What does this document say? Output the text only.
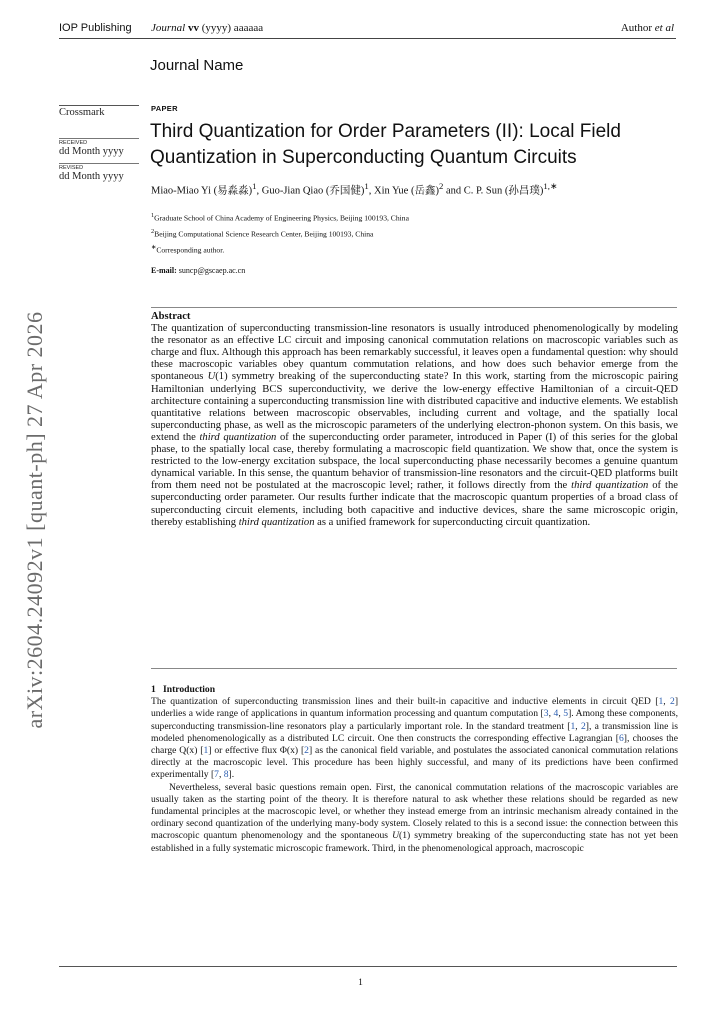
IOP Publishing Journal vv (yyyy) aaaaaa	Author et al
arXiv:2604.24092v1 [quant-ph] 27 Apr 2026
Journal Name
Crossmark
RECEIVED
dd Month yyyy
REVISED
dd Month yyyy
PAPER
Third Quantization for Order Parameters (II): Local Field Quantization in Superconducting Quantum Circuits
Miao-Miao Yi (易淼淼)$^1$, Guo-Jian Qiao (乔国健)$^1$, Xin Yue (岳鑫)$^2$ and C. P. Sun (孙昌璞)$^{1,∗}$
$^1$Graduate School of China Academy of Engineering Physics, Beijing 100193, China
$^2$Beijing Computational Science Research Center, Beijing 100193, China
∗Corresponding author.
E-mail: suncp@gscaep.ac.cn
Abstract
The quantization of superconducting transmission-line resonators is usually introduced phenomenologically by modeling the resonator as an effective LC circuit and imposing canonical commutation relations on macroscopic variables such as charge and flux. Although this approach has been remarkably successful, it leaves open a fundamental question: why should these macroscopic variables obey quantum commutation relations, and how does such behavior emerge from the spontaneous U(1) symmetry breaking of the superconducting state? In this work, starting from the microscopic pairing Hamiltonian underlying BCS superconductivity, we derive the low-energy effective Hamiltonian of a circuit-QED architecture containing a superconducting transmission line with distributed capacitive and inductive elements. We establish quantitative relations between macroscopic observables, including current and voltage, and the spatially local superconducting phase, as well as the microscopic parameters of the underlying electron-phonon system. On this basis, we extend the third quantization of the superconducting order parameter, introduced in Paper (I) of this series for the global phase, to the spatially local case, thereby formulating a macroscopic field quantization. We show that, once the system is restricted to the low-energy excitation subspace, the local superconducting phase necessarily becomes a genuine quantum dynamical variable. In this sense, the quantum behavior of transmission-line resonators and the circuit-QED platforms built from them need not be postulated at the macroscopic level; rather, it follows directly from the third quantization of the superconducting order parameter. Our results further indicate that the macroscopic quantum properties of a broad class of superconducting circuit elements, including both capacitive and inductive devices, share the same microscopic origin, thereby establishing third quantization as a unified framework for superconducting circuit quantization.
1 Introduction

The quantization of superconducting transmission lines and their built-in capacitive and inductive elements in circuit QED [1, 2] underlies a wide range of applications in quantum information processing and quantum computation [3, 4, 5]. Among these components, superconducting transmission-line resonators play a particularly important role. In the standard treatment [1, 2], a transmission line is modeled phenomenologically as a distributed LC circuit. One then constructs the corresponding effective Lagrangian [6], chooses the charge Q(x) [1] or effective flux Φ(x) [2] as the canonical field variable, and postulates the associated canonical commutation relations directly at the macroscopic level. This procedure has been highly successful, and many of its predictions have been confirmed experimentally [7, 8].

Nevertheless, several basic questions remain open. First, the canonical commutation relations of the macroscopic variables are usually taken as the starting point of the theory. It is therefore natural to ask whether these relations should be regarded as new fundamental principles at the macroscopic level, or whether they instead emerge from an intrinsic mechanism already contained in the ordinary second quantization of the underlying many-body system. Closely related to this is a second issue: the connection between this macroscopic quantum phenomenology and the spontaneous U(1) symmetry breaking of the superconducting state has not yet been established in a fully systematic microscopic framework. Third, in the phenomenological approach, macroscopic

1
